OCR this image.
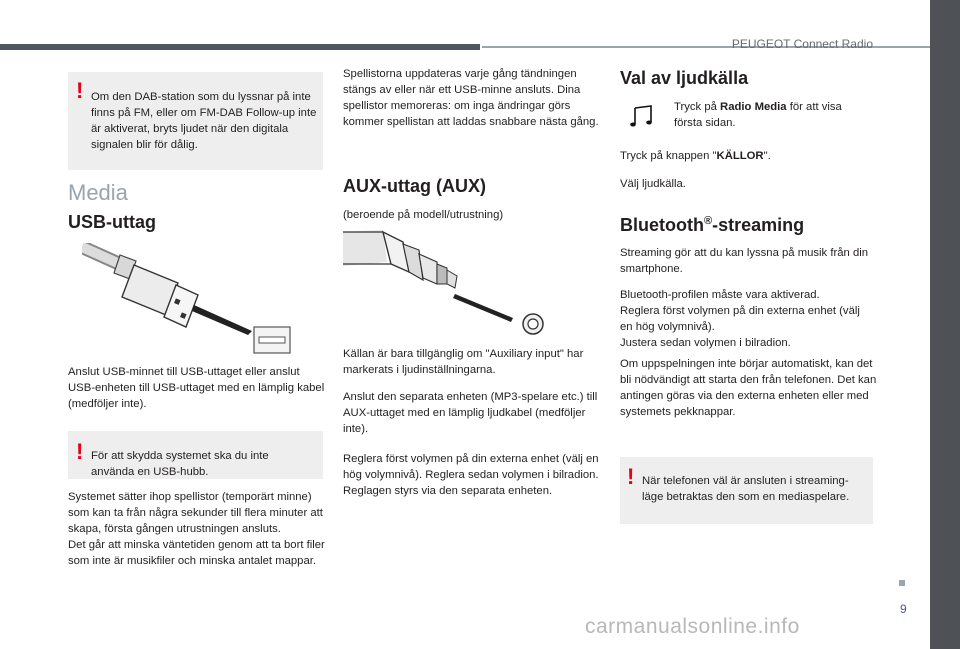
PEUGEOT Connect Radio
9
! Om den DAB-station som du lyssnar på inte finns på FM, eller om FM-DAB Follow-up inte är aktiverat, bryts ljudet när den digitala signalen blir för dålig.

Media
USB-uttag

Anslut USB-minnet till USB-uttaget eller anslut USB-enheten till USB-uttaget med en lämplig kabel (medföljer inte).

! För att skydda systemet ska du inte använda en USB-hubb.

Systemet sätter ihop spellistor (temporärt minne) som kan ta från några sekunder till flera minuter att skapa, första gången utrustningen ansluts.
Det går att minska väntetiden genom att ta bort filer som inte är musikfiler och minska antalet mappar.

Spellistorna uppdateras varje gång tändningen stängs av eller när ett USB-minne ansluts. Dina spellistor memoreras: om inga ändringar görs kommer spellistan att laddas snabbare nästa gång.

AUX-uttag (AUX)

(beroende på modell/utrustning)

Källan är bara tillgänglig om "Auxiliary input" har markerats i ljudinställningarna.

Anslut den separata enheten (MP3-spelare etc.) till AUX-uttaget med en lämplig ljudkabel (medföljer inte).

Reglera först volymen på din externa enhet (välj en hög volymnivå). Reglera sedan volymen i bilradion.
Reglagen styrs via den separata enheten.

Val av ljudkälla

Tryck på Radio Media för att visa första sidan.

Tryck på knappen "KÄLLOR".

Välj ljudkälla.

Bluetooth®-streaming

Streaming gör att du kan lyssna på musik från din smartphone.

Bluetooth-profilen måste vara aktiverad.
Reglera först volymen på din externa enhet (välj en hög volymnivå).
Justera sedan volymen i bilradion.

Om uppspelningen inte börjar automatiskt, kan det bli nödvändigt att starta den från telefonen. Det kan antingen göras via den externa enheten eller med systemets pekknappar.

! När telefonen väl är ansluten i streaming-läge betraktas den som en mediaspelare.

carmanualsonline.info
